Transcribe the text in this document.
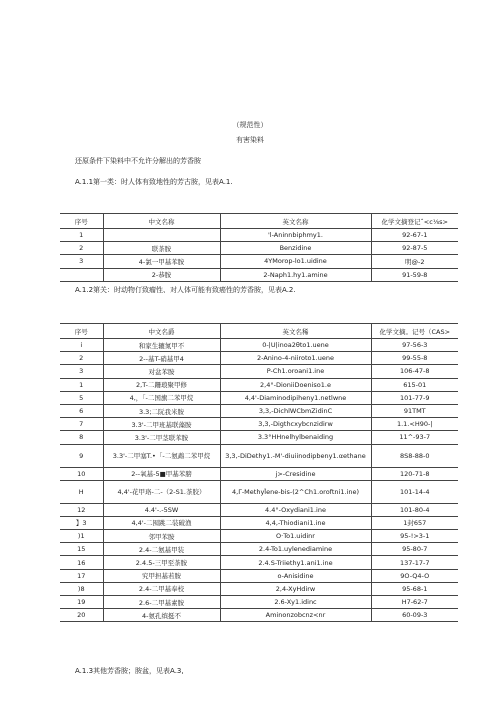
（规范性）
有害染料
还原条件下染料中不允许分解出的芳香胺
A.1.1第一类：时人体有致地性的芳古胺，见表A.1.
序号	中文名称	英文名称	化学文摘登记ˆ<c⅛s>
1		'l-Aninnbiphmy1.	92-67-1
2	联茶胺	Benzidine	92-87-5
3	4-氯一甲基苯胺	4YMorop-lo1.uidine	明@-2
	2-恭胺	2-Naph1.hy1.amine	91-59-8
A.1.2第关：时动物仃致瘤性、对人体可能有致癌性的芳香胺，见表A.2.
序号	中文名爵	英文名稀	化学文摘。记号（CAS>
i	和家生辘氮甲不	0-|U|inoa2θto1.uene	97-56-3
2	2--基T-硝基甲4	2-Anino-4-niiroto1.uene	99-55-8
3	对盆苯胺	P-Ch1.oroani1.ine	106-47-8
1	2,T-二跚琅聚甲修	2,4°-DioniiDoeniso1.e	615-01
5	4,，「-二国旗二苯甲烷	4,4'-Diaminodipiheny1.netlwne	101-77-9
6	3.3;二阮我米胺	3,3,-DichlWCbmZidinC	91TMT
7	3.3'-二甲班基联藻胺	3,3,-Digthcxybcnzidirw	1.1.<H90-|
8	3.3'-二甲茎联苯胺	3.3°HHnelhylbenaiding	11^-93-7
9	3.3'-二甲塞T.•「-二氨鹉二苯甲烷	3,3,-DiDethy1.-M'-diuiinodipbeny1.αethane	8S8-88-0
10	2--氧基-5■甲基苯膀	j>-Cresidine	120-71-8
H	4,4'-花甲珞-二-（2-S1.茶胶）	4,Γ-Methyl̂ene-bis-(2^Ch1.oroftni1.ine)	101-14-4
12	4.4'-.-5SW	4.4°-Oxydiani1.ine	101-80-4
】3	4,4'-二囤跳二装破渔	4,4,-Thiodiani1.ine	1封657
)1	邻甲苯胺	O·To1.uidinr	95-!>3-1
15	2.4-二氨基甲装	2.4-To1.uylenediamine	95-80-7
16	2.4.5-三甲至茶胺	2.4.S-Triiethy1.ani1.ine	137-17-7
17	究甲担基若胺	o-Anisidine	9O-Q4-O
)8	2.4-二甲基奉校	2,4-XyHdirw	95-68-1
19	2.6-二甲基素胺	2.6-Xy1.idinc	H7-62-7
20	4-氨孔缤挺不	Aminonzobcnz<nr	60-09-3
A.1.3其他芳香胺；胺盆，见表A.3,
